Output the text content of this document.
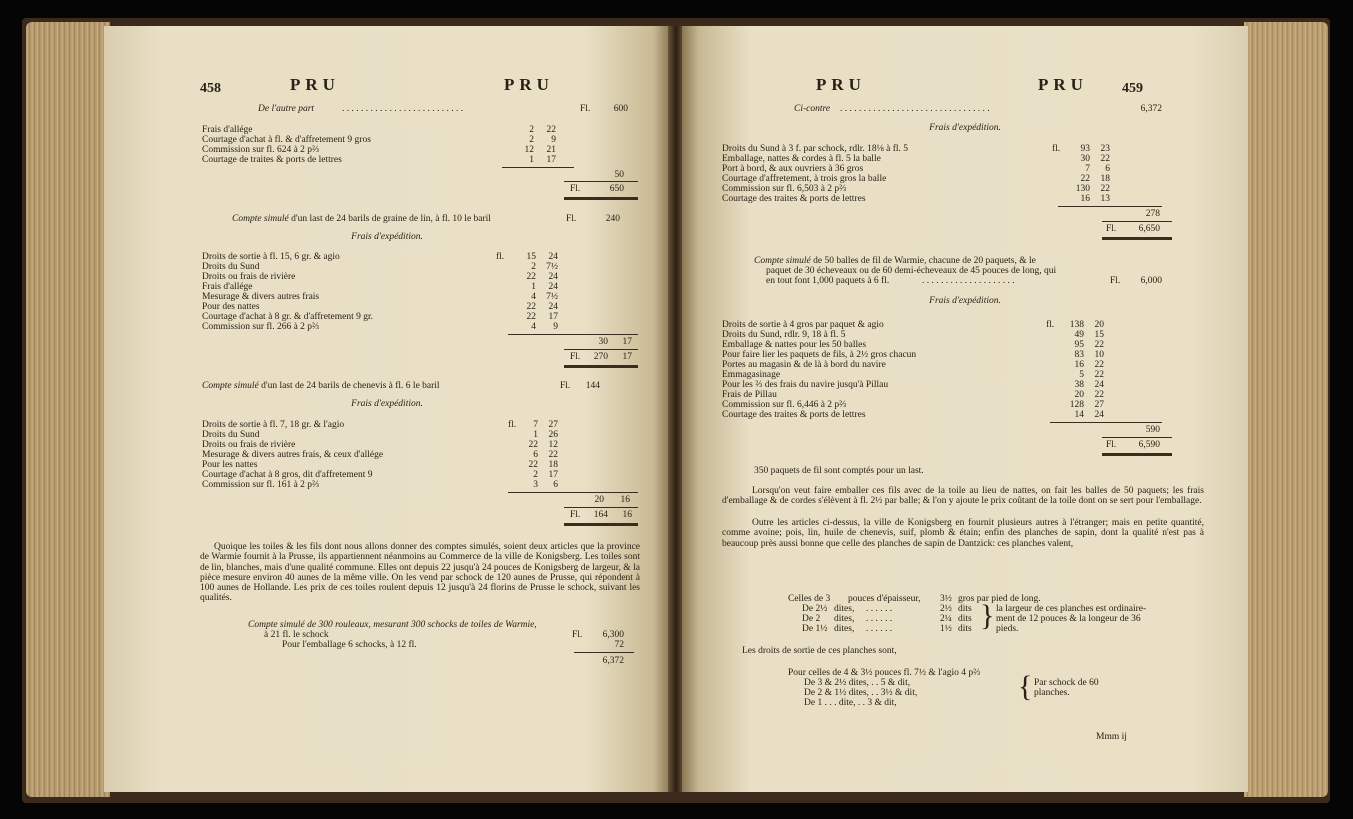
458	PRU	PRU
De l'autre part	. . . . . . . . . . . . . . . . . . . . . . . . . .	Fl.	600
Frais d'allége	2	22
Courtage d'achat à fl. & d'affretement 9 gros	2	9
Commission sur fl. 624 à 2 p⅔	12	21
Courtage de traites & ports de lettres	1	17
50
Fl.	650
Compte simulé d'un last de 24 barils de graine de lin, à fl. 10 le baril	Fl.	240
Frais d'expédition.
Droits de sortie à fl. 15, 6 gr. & agio	fl.	15	24
Droits du Sund	2	7½
Droits ou frais de rivière	22	24
Frais d'allége	1	24
Mesurage & divers autres frais	4	7½
Pour des nattes	22	24
Courtage d'achat à 8 gr. & d'affretement 9 gr.	22	17
Commission sur fl. 266 à 2 p⅔	4	9
30	17
Fl.	270	17
Compte simulé d'un last de 24 barils de chenevis à fl. 6 le baril	Fl.	144
Frais d'expédition.
Droits de sortie à fl. 7, 18 gr. & l'agio	fl.	7	27
Droits du Sund	1	26
Droits ou frais de rivière	22	12
Mesurage & divers autres frais, & ceux d'allége	6	22
Pour les nattes	22	18
Courtage d'achat à 8 gros, dit d'affretement 9	2	17
Commission sur fl. 161 à 2 p⅔	3	6
20	16
Fl.	164	16
Quoique les toiles & les fils dont nous allons donner des comptes simulés, soient deux articles que la province de Warmie fournit à la Prusse, ils appartiennent néanmoins au Commerce de la ville de Konigsberg. Les toiles sont de lin, blanches, mais d'une qualité commune. Elles ont depuis 22 jusqu'à 24 pouces de Konigsberg de largeur, & la pièce mesure environ 40 aunes de la même ville. On les vend par schock de 120 aunes de Prusse, qui répondent à 100 aunes de Hollande. Les prix de ces toiles roulent depuis 12 jusqu'à 24 florins de Prusse le schock, suivant les qualités.
Compte simulé de 300 rouleaux, mesurant 300 schocks de toiles de Warmie,
à 21 fl. le schock	Fl.	6,300
Pour l'emballage 6 schocks, à 12 fl.	72
6,372
PRU	PRU 459
Ci-contre . . . . . . . . . . . . . . . . . . . . . . . . . . . . . . . .	6,372
Frais d'expédition.
Droits du Sund à 3 f. par schock, rdlr. 18⅛ à fl. 5	fl.	93	23
Emballage, nattes & cordes à fl. 5 la balle	30	22
Port à bord, & aux ouvriers à 36 gros	7	6
Courtage d'affretement, à trois gros la balle	22	18
Commission sur fl. 6,503 à 2 p⅔	130	22
Courtage des traites & ports de lettres	16	13
278
Fl.	6,650
Compte simulé de 50 balles de fil de Warmie, chacune de 20 paquets, & le
paquet de 30 écheveaux ou de 60 demi-écheveaux de 45 pouces de long, qui
en tout font 1,000 paquets à 6 fl.	. . . . . . . . . . . . . . . . . . . .	Fl.	6,000
Frais d'expédition.
Droits de sortie à 4 gros par paquet & agio	fl.	138	20
Droits du Sund, rdlr. 9, 18 à fl. 5	49	15
Emballage & nattes pour les 50 balles	95	22
Pour faire lier les paquets de fils, à 2½ gros chacun	83	10
Portes au magasin & de là à bord du navire	16	22
Emmagasinage	5	22
Pour les ⅔ des frais du navire jusqu'à Pillau	38	24
Frais de Pillau	20	22
Commission sur fl. 6,446 à 2 p⅔	128	27
Courtage des traites & ports de lettres	14	24
590
Fl.	6,590
350 paquets de fil sont comptés pour un last.
Lorsqu'on veut faire emballer ces fils avec de la toile au lieu de nattes, on fait les balles de 50 paquets; les frais d'emballage & de cordes s'élèvent à fl. 2½ par balle; & l'on y ajoute le prix coûtant de la toile dont on se sert pour l'emballage.
Outre les articles ci-dessus, la ville de Konigsberg en fournit plusieurs autres à l'étranger; mais en petite quantité, comme avoine; pois, lin, huile de chenevis, suif, plomb & étain; enfin des planches de sapin, dont la qualité n'est pas à beaucoup près aussi bonne que celle des planches de sapin de Dantzick: ces planches valent,
Celles de 3 pouces d'épaisseur, 3½ gros par pied de long.
De 2½ dites, . . . . . .	2½ dits
De 2 dites, . . . . . .	2¼ dits
De 1½ dites, . . . . . .	1½ dits } la largeur de ces planches est ordinaire-
ment de 12 pouces & la longeur de 36
pieds.
Les droits de sortie de ces planches sont,
Pour celles de 4 & 3½ pouces fl. 7½ & l'agio 4 p⅔
De 3 & 2½ dites, . . 5 & dit,
De 2 & 1½ dites, . . 3½ & dit,
De 1 . . . dite, . . 3 & dit,	{ Par schock de 60
planches.
Mmm ij
